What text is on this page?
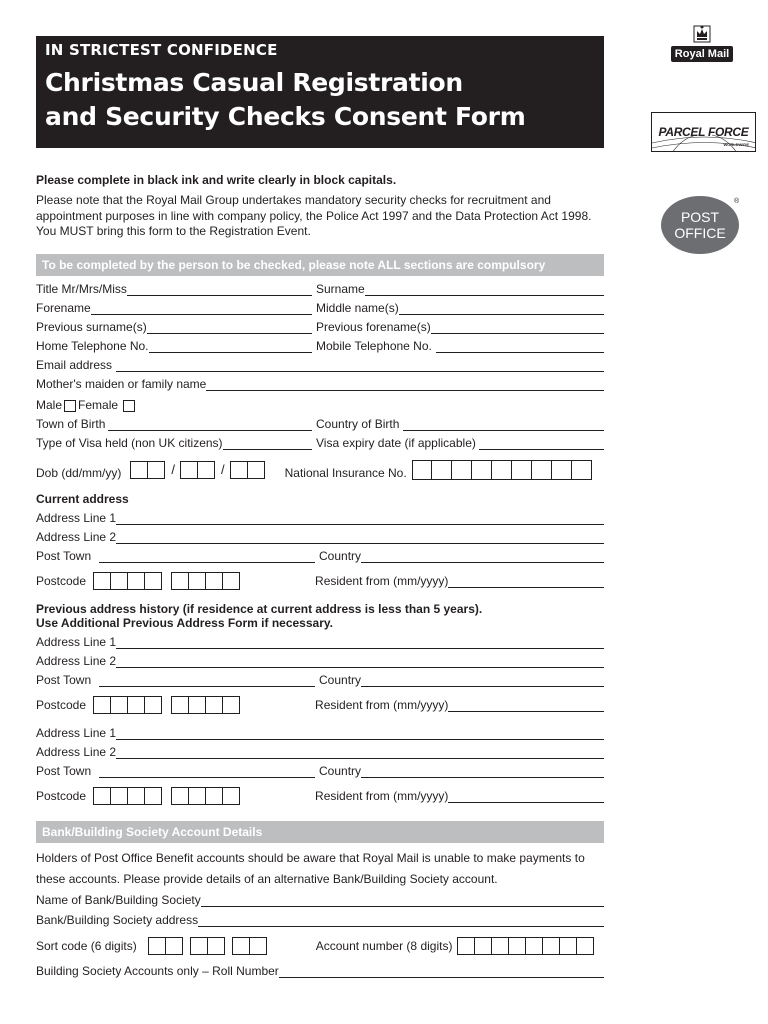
IN STRICTEST CONFIDENCE
Christmas Casual Registration
and Security Checks Consent Form
Royal Mail
PARCEL FORCE
WORLDWIDE
POST
OFFICE
®
Please complete in black ink and write clearly in block capitals.
Please note that the Royal Mail Group undertakes mandatory security checks for recruitment and appointment purposes in line with company policy, the Police Act 1997 and the Data Protection Act 1998. You MUST bring this form to the Registration Event.
To be completed by the person to be checked, please note ALL sections are compulsory
Title Mr/Mrs/Miss	Surname
Forename	Middle name(s)
Previous surname(s)	Previous forename(s)
Home Telephone No.	Mobile Telephone No.
Email address
Mother's maiden or family name
Male Female
Town of Birth	Country of Birth
Type of Visa held (non UK citizens)	Visa expiry date (if applicable)
Dob (dd/mm/yy)	/	/	National Insurance No.
Current address
Address Line 1
Address Line 2
Post Town	Country
Postcode	Resident from (mm/yyyy)
Previous address history (if residence at current address is less than 5 years).
Use Additional Previous Address Form if necessary.
Address Line 1
Address Line 2
Post Town	Country
Postcode	Resident from (mm/yyyy)
Address Line 1
Address Line 2
Post Town	Country
Postcode	Resident from (mm/yyyy)
Bank/Building Society Account Details
Holders of Post Office Benefit accounts should be aware that Royal Mail is unable to make payments to
these accounts. Please provide details of an alternative Bank/Building Society account.
Name of Bank/Building Society
Bank/Building Society address
Sort code (6 digits)	Account number (8 digits)
Building Society Accounts only – Roll Number
